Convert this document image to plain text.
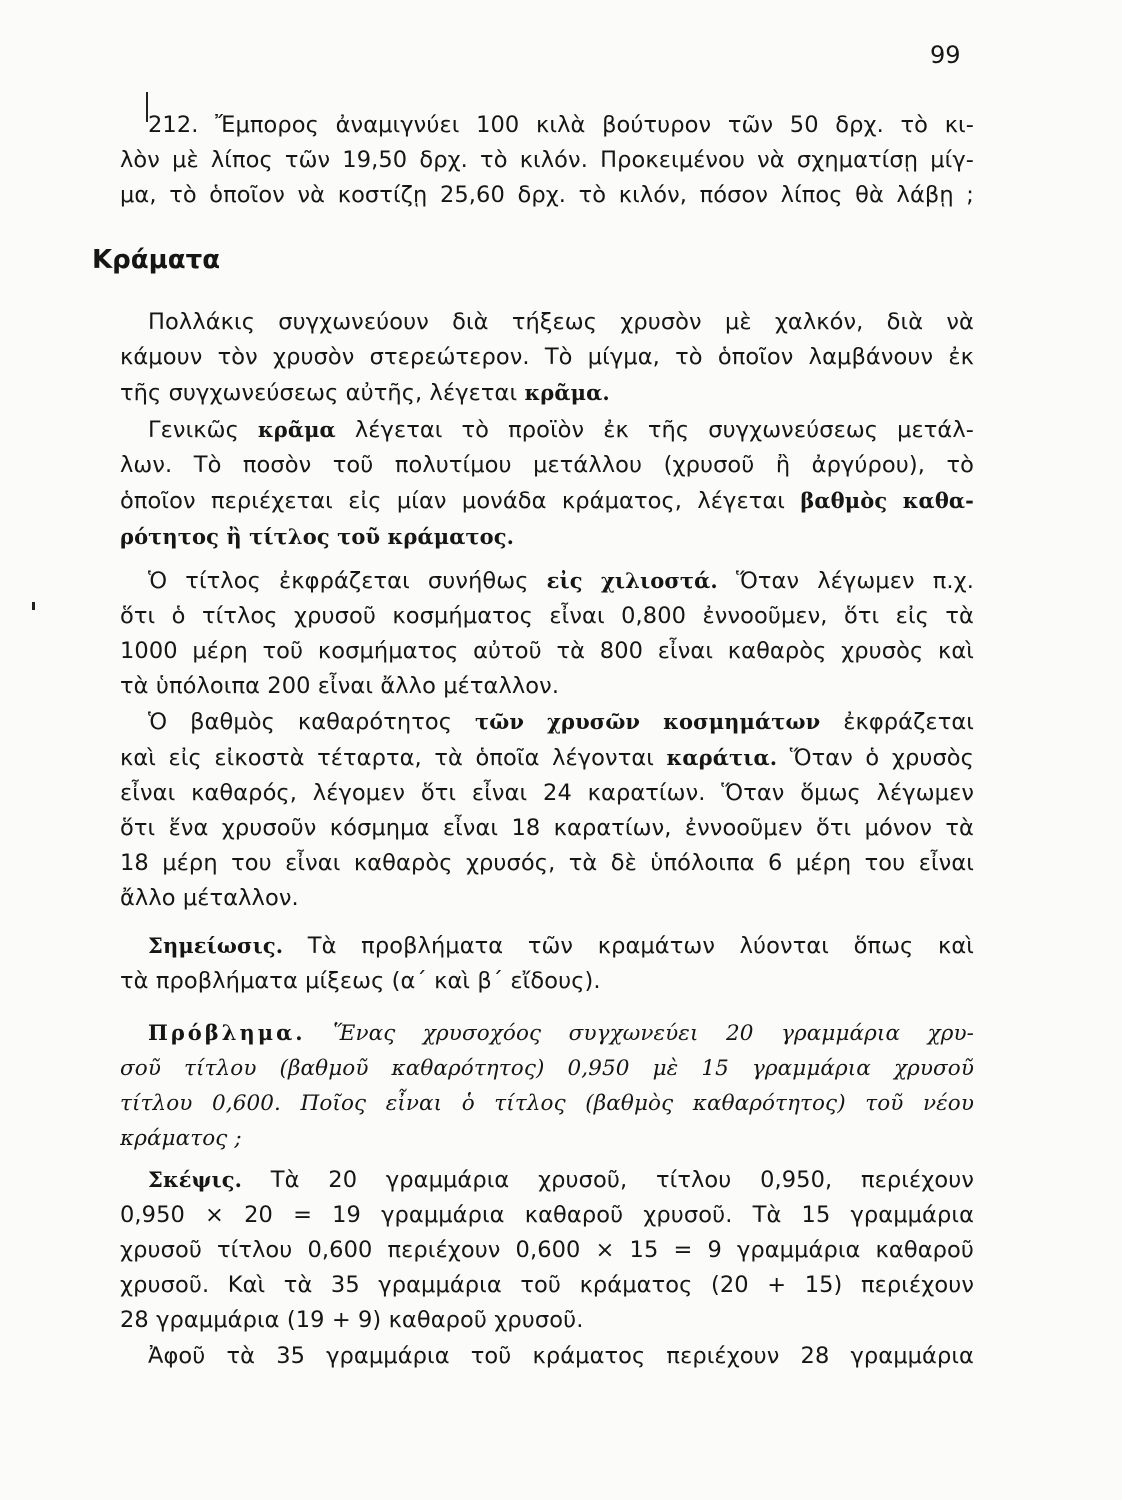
99
212. Ἔμπορος ἀναμιγνύει 100 κιλὰ βούτυρον τῶν 50 δρχ. τὸ κι-
λὸν μὲ λίπος τῶν 19,50 δρχ. τὸ κιλόν. Προκειμένου νὰ σχηματίσῃ μίγ-
μα, τὸ ὁποῖον νὰ κοστίζῃ 25,60 δρχ. τὸ κιλόν, πόσον λίπος θὰ λάβῃ ;
Κράματα
Πολλάκις συγχωνεύουν διὰ τήξεως χρυσὸν μὲ χαλκόν, διὰ νὰ
κάμουν τὸν χρυσὸν στερεώτερον. Τὸ μίγμα, τὸ ὁποῖον λαμβάνουν ἐκ
τῆς συγχωνεύσεως αὐτῆς, λέγεται κρᾶμα.
Γενικῶς κρᾶμα λέγεται τὸ προϊὸν ἐκ τῆς συγχωνεύσεως μετάλ-
λων. Τὸ ποσὸν τοῦ πολυτίμου μετάλλου (χρυσοῦ ἢ ἀργύρου), τὸ
ὁποῖον περιέχεται εἰς μίαν μονάδα κράματος, λέγεται βαθμὸς καθα-
ρότητος ἢ τίτλος τοῦ κράματος.
Ὁ τίτλος ἐκφράζεται συνήθως εἰς χιλιοστά. Ὅταν λέγωμεν π.χ.
ὅτι ὁ τίτλος χρυσοῦ κοσμήματος εἶναι 0,800 ἐννοοῦμεν, ὅτι εἰς τὰ
1000 μέρη τοῦ κοσμήματος αὐτοῦ τὰ 800 εἶναι καθαρὸς χρυσὸς καὶ
τὰ ὑπόλοιπα 200 εἶναι ἄλλο μέταλλον.
Ὁ βαθμὸς καθαρότητος τῶν χρυσῶν κοσμημάτων ἐκφράζεται
καὶ εἰς εἰκοστὰ τέταρτα, τὰ ὁποῖα λέγονται καράτια. Ὅταν ὁ χρυσὸς
εἶναι καθαρός, λέγομεν ὅτι εἶναι 24 καρατίων. Ὅταν ὅμως λέγωμεν
ὅτι ἕνα χρυσοῦν κόσμημα εἶναι 18 καρατίων, ἐννοοῦμεν ὅτι μόνον τὰ
18 μέρη του εἶναι καθαρὸς χρυσός, τὰ δὲ ὑπόλοιπα 6 μέρη του εἶναι
ἄλλο μέταλλον.
Σημείωσις. Τὰ προβλήματα τῶν κραμάτων λύονται ὅπως καὶ
τὰ προβλήματα μίξεως (α΄ καὶ β΄ εἴδους).
Πρόβλημα. Ἕνας χρυσοχόος συγχωνεύει 20 γραμμάρια χρυ-
σοῦ τίτλου (βαθμοῦ καθαρότητος) 0,950 μὲ 15 γραμμάρια χρυσοῦ
τίτλου 0,600. Ποῖος εἶναι ὁ τίτλος (βαθμὸς καθαρότητος) τοῦ νέου
κράματος ;
Σκέψις. Τὰ 20 γραμμάρια χρυσοῦ, τίτλου 0,950, περιέχουν
0,950 × 20 = 19 γραμμάρια καθαροῦ χρυσοῦ. Τὰ 15 γραμμάρια
χρυσοῦ τίτλου 0,600 περιέχουν 0,600 × 15 = 9 γραμμάρια καθαροῦ
χρυσοῦ. Καὶ τὰ 35 γραμμάρια τοῦ κράματος (20 + 15) περιέχουν
28 γραμμάρια (19 + 9) καθαροῦ χρυσοῦ.
Ἀφοῦ τὰ 35 γραμμάρια τοῦ κράματος περιέχουν 28 γραμμάρια
